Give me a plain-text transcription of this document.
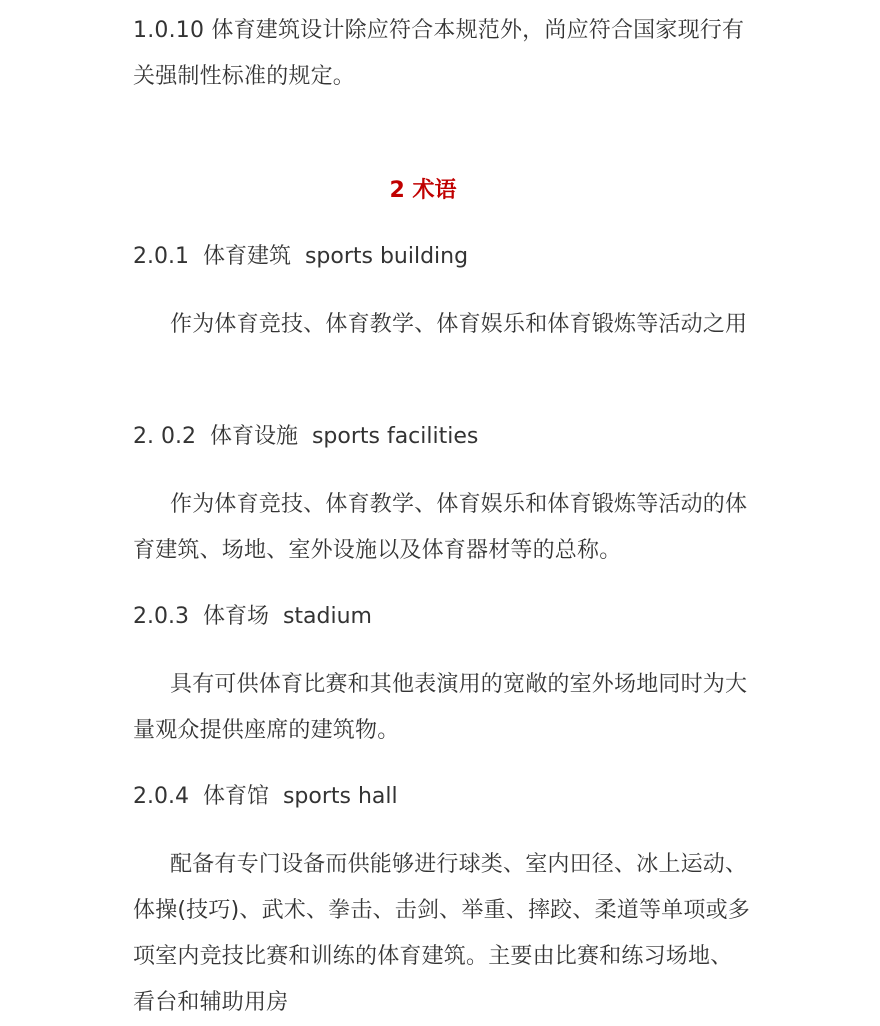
1.0.10 体育建筑设计除应符合本规范外，尚应符合国家现行有关强制性标准的规定。

2 术语

2.0.1  体育建筑  sports building

作为体育竞技、体育教学、体育娱乐和体育锻炼等活动之用

2. 0.2  体育设施  sports facilities

作为体育竞技、体育教学、体育娱乐和体育锻炼等活动的体育建筑、场地、室外设施以及体育器材等的总称。

2.0.3  体育场  stadium

具有可供体育比赛和其他表演用的宽敞的室外场地同时为大量观众提供座席的建筑物。

2.0.4  体育馆  sports hall

配备有专门设备而供能够进行球类、室内田径、冰上运动、体操(技巧)、武术、拳击、击剑、举重、摔跤、柔道等单项或多项室内竞技比赛和训练的体育建筑。主要由比赛和练习场地、看台和辅助用房
